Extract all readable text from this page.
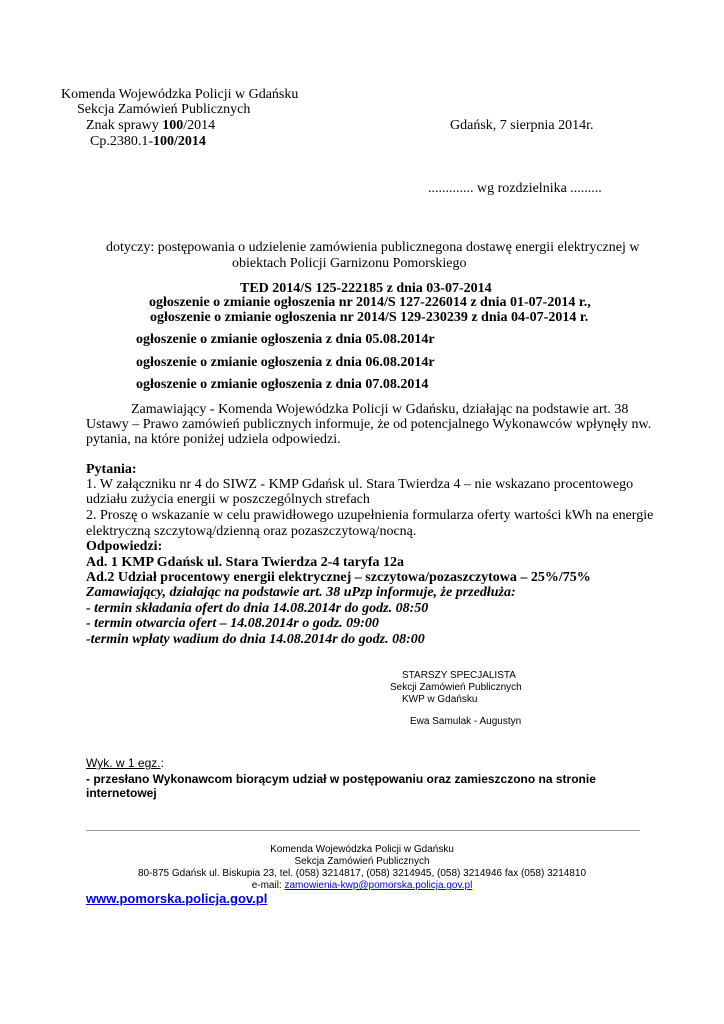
Komenda Wojewódzka Policji w Gdańsku
Sekcja Zamówień Publicznych
Znak sprawy 100/2014	Gdańsk, 7 sierpnia 2014r.
Cp.2380.1-100/2014
............. wg rozdzielnika .........
dotyczy: postępowania o udzielenie zamówienia publicznegona dostawę energii elektrycznej w
obiektach Policji Garnizonu Pomorskiego
TED 2014/S 125-222185 z dnia 03-07-2014
ogłoszenie o zmianie ogłoszenia nr 2014/S 127-226014 z dnia 01-07-2014 r.,
ogłoszenie o zmianie ogłoszenia nr 2014/S 129-230239 z dnia 04-07-2014 r.
ogłoszenie o zmianie ogłoszenia z dnia 05.08.2014r
ogłoszenie o zmianie ogłoszenia z dnia 06.08.2014r
ogłoszenie o zmianie ogłoszenia z dnia 07.08.2014
Zamawiający - Komenda Wojewódzka Policji w Gdańsku, działając na podstawie art. 38
Ustawy – Prawo zamówień publicznych informuje, że od potencjalnego Wykonawców wpłynęły nw.
pytania, na które poniżej udziela odpowiedzi.
Pytania:
1. W załączniku nr 4 do SIWZ - KMP Gdańsk ul. Stara Twierdza 4 – nie wskazano procentowego
udziału zużycia energii w poszczególnych strefach
2. Proszę o wskazanie w celu prawidłowego uzupełnienia formularza oferty wartości kWh na energie
elektryczną szczytową/dzienną oraz pozaszczytową/nocną.
Odpowiedzi:
Ad. 1 KMP Gdańsk ul. Stara Twierdza 2-4 taryfa 12a
Ad.2 Udział procentowy energii elektrycznej – szczytowa/pozaszczytowa – 25%/75%
Zamawiający, działając na podstawie art. 38 uPzp informuje, że przedłuża:
- termin składania ofert do dnia 14.08.2014r do godz. 08:50
- termin otwarcia ofert – 14.08.2014r o godz. 09:00
-termin wpłaty wadium do dnia 14.08.2014r do godz. 08:00
STARSZY SPECJALISTA
Sekcji Zamówień Publicznych
KWP w Gdańsku
Ewa Samulak - Augustyn
Wyk. w 1 egz.:
- przesłano Wykonawcom biorącym udział w postępowaniu oraz zamieszczono na stronie
internetowej
Komenda Wojewódzka Policji w Gdańsku
Sekcja Zamówień Publicznych
80-875 Gdańsk ul. Biskupia 23, tel. (058) 3214817, (058) 3214945, (058) 3214946 fax (058) 3214810
e-mail: zamowienia-kwp@pomorska.policja.gov.pl
www.pomorska.policja.gov.pl
